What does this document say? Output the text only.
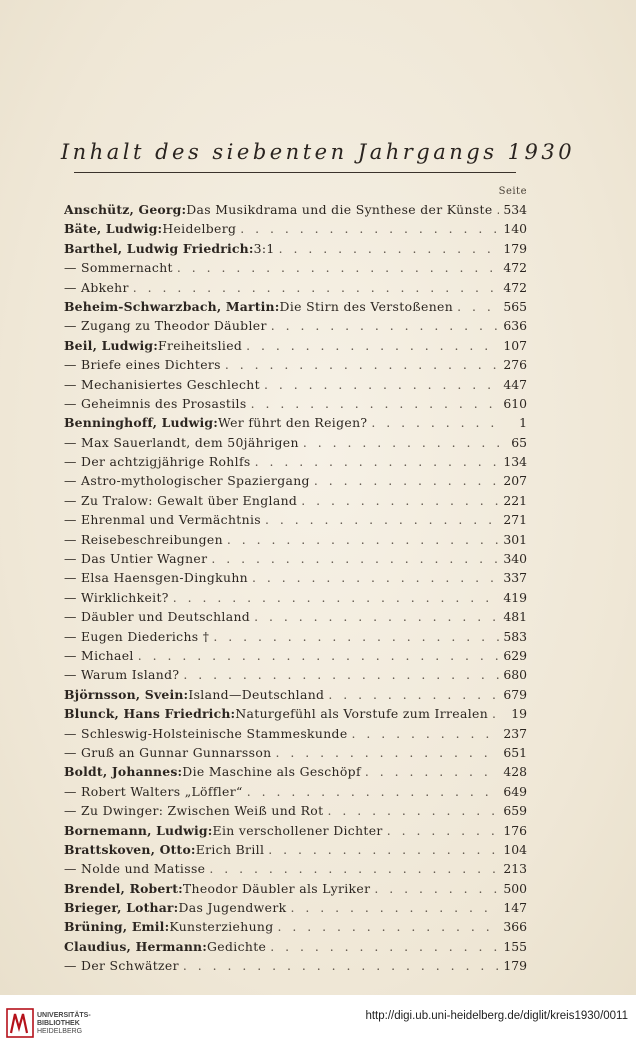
Inhalt des siebenten Jahrgangs 1930
Seite
Anschütz, Georg: Das Musikdrama und die Synthese der Künste . . . 534
Bäte, Ludwig: Heidelberg . . .	140
Barthel, Ludwig Friedrich: 3:1 . . .	179
— Sommernacht . . .	472
— Abkehr . . .	472
Beheim-Schwarzbach, Martin: Die Stirn des Verstoßenen . . .	565
— Zugang zu Theodor Däubler . . .	636
Beil, Ludwig: Freiheitslied . . .	107
— Briefe eines Dichters . . .	276
— Mechanisiertes Geschlecht . . .	447
— Geheimnis des Prosastils . . .	610
Benninghoff, Ludwig: Wer führt den Reigen? . . .	1
— Max Sauerlandt, dem 50jährigen . . .	65
— Der achtzigjährige Rohlfs . . .	134
— Astro-mythologischer Spaziergang . . .	207
— Zu Tralow: Gewalt über England . . .	221
— Ehrenmal und Vermächtnis . . .	271
— Reisebeschreibungen . . .	301
— Das Untier Wagner . . .	340
— Elsa Haensgen-Dingkuhn . . .	337
— Wirklichkeit? . . .	419
— Däubler und Deutschland . . .	481
— Eugen Diederichs † . . .	583
— Michael . . .	629
— Warum Island? . . .	680
Björnsson, Svein: Island—Deutschland . . .	679
Blunck, Hans Friedrich: Naturgefühl als Vorstufe zum Irrealen . . .	19
— Schleswig-Holsteinische Stammeskunde . . .	237
— Gruß an Gunnar Gunnarsson . . .	651
Boldt, Johannes: Die Maschine als Geschöpf . . .	428
— Robert Walters „Löffler“ . . .	649
— Zu Dwinger: Zwischen Weiß und Rot . . .	659
Bornemann, Ludwig: Ein verschollener Dichter . . .	176
Brattskoven, Otto: Erich Brill . . .	104
— Nolde und Matisse . . .	213
Brendel, Robert: Theodor Däubler als Lyriker . . .	500
Brieger, Lothar: Das Jugendwerk . . .	147
Brüning, Emil: Kunsterziehung . . .	366
Claudius, Hermann: Gedichte . . .	155
— Der Schwätzer . . .	179
UNIVERSITÄTS-
BIBLIOTHEK
HEIDELBERG
http://digi.ub.uni-heidelberg.de/diglit/kreis1930/0011
